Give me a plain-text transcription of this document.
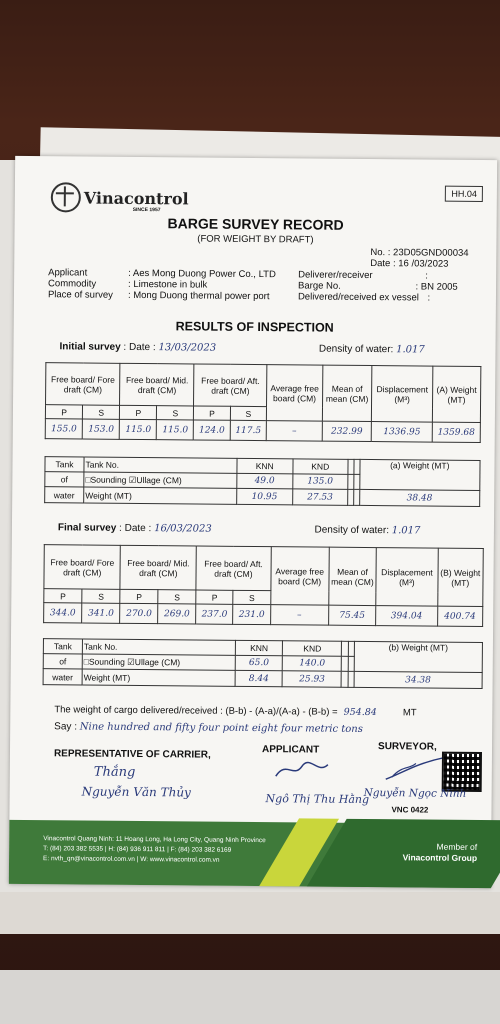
Vinacontrol
SINCE 1957
HH.04
BARGE SURVEY RECORD
(FOR WEIGHT BY DRAFT)
No. : 23D05GND00034
Date : 16 /03/2023
Applicant	: Aes Mong Duong Power Co., LTD
Commodity	: Limestone in bulk
Place of survey : Mong Duong thermal power port
Deliverer/receiver	:
Barge No.	: BN 2005
Delivered/received ex vessel :
RESULTS OF INSPECTION
Initial survey : Date : 13/03/2023	Density of water: 1.017
Free board/ Fore draft (CM)		Free board/ Mid. draft (CM)		Free board/ Aft. draft (CM)		Average free board (CM)	Mean of mean (CM)	Displacement (M³)	(A) Weight (MT)
P	S	P	S	P	S				
155.0	153.0	115.0	115.0	124.0	117.5	–	232.99	1336.95	1359.68
Tank	Tank No.	KNN	KND			(a) Weight (MT)
of	□Sounding ☑Ullage (CM)	49.0	135.0			
water	Weight (MT)	10.95	27.53			38.48
Final survey : Date : 16/03/2023	Density of water: 1.017
Free board/ Fore draft (CM)		Free board/ Mid. draft (CM)		Free board/ Aft. draft (CM)		Average free board (CM)	Mean of mean (CM)	Displacement (M³)	(B) Weight (MT)
P	S	P	S	P	S				
344.0	341.0	270.0	269.0	237.0	231.0	–	75.45	394.04	400.74
Tank	Tank No.	KNN	KND			(b) Weight (MT)
of	□Sounding ☑Ullage (CM)	65.0	140.0			
water	Weight (MT)	8.44	25.93			34.38
The weight of cargo delivered/received : (B-b) - (A-a)/(A-a) - (B-b) = 954.84	MT
Say : Nine hundred and fifty four point eight four metric tons
REPRESENTATIVE OF CARRIER,	APPLICANT	SURVEYOR,
Thắng
Nguyễn Văn Thủy	Ngô Thị Thu Hằng
Nguyễn Ngọc Ninh
VNC 0422
Vinacontrol Quang Ninh: 11 Hoang Long, Ha Long City, Quang Ninh Province
T: (84) 203 382 5535 | H: (84) 936 911 811 | F: (84) 203 382 6169
E: nvth_qn@vinacontrol.com.vn | W: www.vinacontrol.com.vn
Member of
Vinacontrol Group
